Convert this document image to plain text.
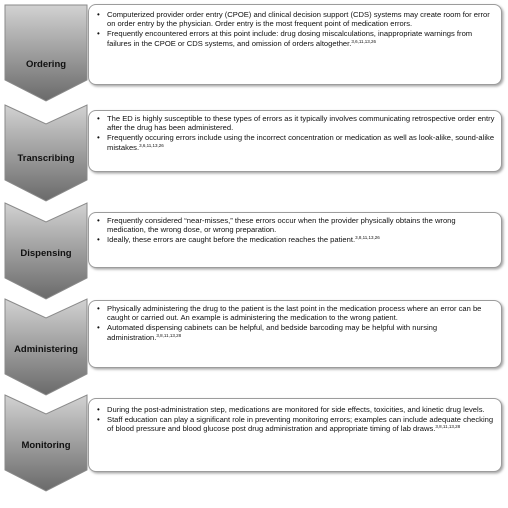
Ordering
• Computerized provider order entry (CPOE) and clinical decision support (CDS) systems may create room for error on order entry by the physician. Order entry is the most frequent point of medication errors.
• Frequently encountered errors at this point include: drug dosing miscalculations, inappropriate warnings from failures in the CPOE or CDS systems, and omission of orders altogether.$^{3,6,11,13,26}$
Transcribing
• The ED is highly susceptible to these types of errors as it typically involves communicating retrospective order entry after the drug has been administered.
• Frequently occuring errors include using the incorrect concentration or medication as well as look-alike, sound-alike mistakes.$^{3,6,11,13,26}$
Dispensing
• Frequently considered “near-misses,” these errors occur when the provider physically obtains the wrong medication, the wrong dose, or wrong preparation.
• Ideally, these errors are caught before the medication reaches the patient.$^{3,8,11,13,26}$
Administering
• Physically administering the drug to the patient is the last point in the medication process where an error can be caught or carried out. An example is administering the medication to the wrong patient.
• Automated dispensing cabinets can be helpful, and bedside barcoding may be helpful with nursing administration.$^{3,8,11,13,28}$
Monitoring
• During the post-administration step, medications are monitored for side effects, toxicities, and kinetic drug levels.
• Staff education can play a significant role in preventing monitoring errors; examples can include adequate checking of blood pressure and blood glucose post drug administration and appropriate timing of lab draws.$^{3,8,11,13,28}$
